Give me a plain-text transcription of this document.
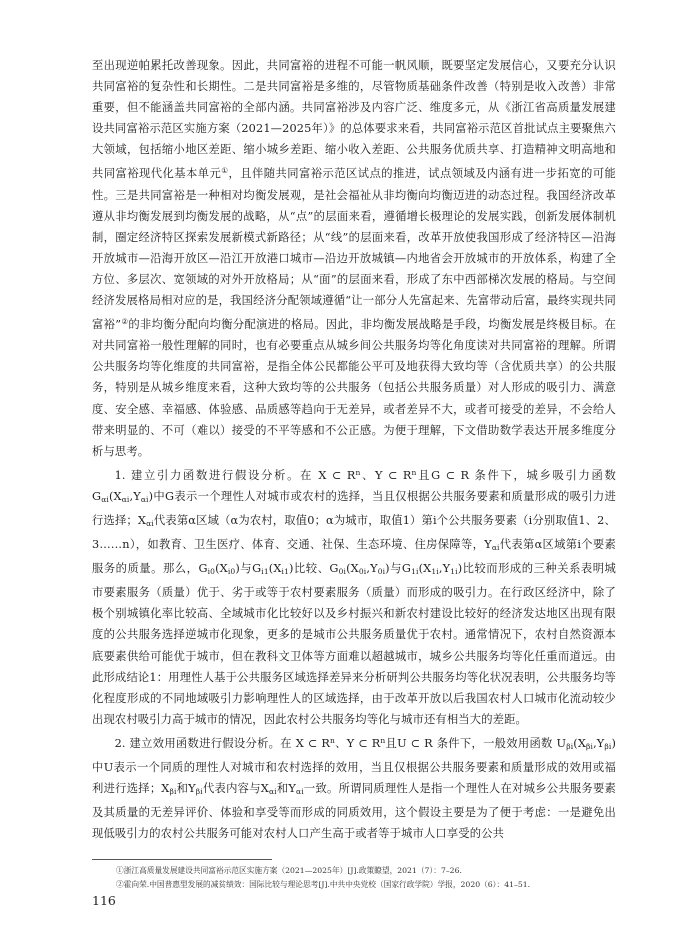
至出现逆帕累托改善现象。因此，共同富裕的进程不可能一帆风顺，既要坚定发展信心，又要充分认识共同富裕的复杂性和长期性。二是共同富裕是多维的，尽管物质基础条件改善（特别是收入改善）非常重要，但不能涵盖共同富裕的全部内涵。共同富裕涉及内容广泛、维度多元，从《浙江省高质量发展建设共同富裕示范区实施方案（2021—2025年）》的总体要求来看，共同富裕示范区首批试点主要聚焦六大领域，包括缩小地区差距、缩小城乡差距、缩小收入差距、公共服务优质共享、打造精神文明高地和共同富裕现代化基本单元①，且伴随共同富裕示范区试点的推进，试点领域及内涵有进一步拓宽的可能性。三是共同富裕是一种相对均衡发展观，是社会福祉从非均衡向均衡迈进的动态过程。我国经济改革遵从非均衡发展到均衡发展的战略，从“点”的层面来看，遵循增长极理论的发展实践，创新发展体制机制，圈定经济特区探索发展新模式新路径；从“线”的层面来看，改革开放使我国形成了经济特区—沿海开放城市—沿海开放区—沿江开放港口城市—沿边开放城镇—内地省会开放城市的开放体系，构建了全方位、多层次、宽领域的对外开放格局；从“面”的层面来看，形成了东中西部梯次发展的格局。与空间经济发展格局相对应的是，我国经济分配领域遵循“让一部分人先富起来、先富带动后富，最终实现共同富裕”②的非均衡分配向均衡分配演进的格局。因此，非均衡发展战略是手段，均衡发展是终极目标。在对共同富裕一般性理解的同时，也有必要重点从城乡间公共服务均等化角度读对共同富裕的理解。所谓公共服务均等化维度的共同富裕，是指全体公民都能公平可及地获得大致均等（含优质共享）的公共服务，特别是从城乡维度来看，这种大致均等的公共服务（包括公共服务质量）对人形成的吸引力、满意度、安全感、幸福感、体验感、品质感等趋向于无差异，或者差异不大，或者可接受的差异，不会给人带来明显的、不可（难以）接受的不平等感和不公正感。为便于理解，下文借助数学表达开展多维度分析与思考。

1. 建立引力函数进行假设分析。在 X ⊂ $R^n$、Y ⊂ $R^n$且G ⊂ R 条件下，城乡吸引力函数 $G_{\alpha i}(X_{\alpha i},Y_{\alpha i})$中G表示一个理性人对城市或农村的选择，当且仅根据公共服务要素和质量形成的吸引力进行选择；$X_{\alpha i}$代表第α区域（α为农村，取值0；α为城市，取值1）第i个公共服务要素（i分别取值1、2、3……n），如教育、卫生医疗、体育、交通、社保、生态环境、住房保障等，$Y_{\alpha i}$代表第α区域第i个要素服务的质量。那么，$G_{i0}(X_{i0})$与$G_{i1}(X_{i1})$比较、$G_{0i}(X_{0i},Y_{0i})$与$G_{1i}(X_{1i},Y_{1i})$比较而形成的三种关系表明城市要素服务（质量）优于、劣于或等于农村要素服务（质量）而形成的吸引力。在行政区经济中，除了极个别城镇化率比较高、全域城市化比较好以及乡村振兴和新农村建设比较好的经济发达地区出现有限度的公共服务选择逆城市化现象，更多的是城市公共服务质量优于农村。通常情况下，农村自然资源本底要素供给可能优于城市，但在教科文卫体等方面难以超越城市，城乡公共服务均等化任重而道远。由此形成结论1：用理性人基于公共服务区域选择差异来分析研判公共服务均等化状况表明，公共服务均等化程度形成的不同地域吸引力影响理性人的区域选择，由于改革开放以后我国农村人口城市化流动较少出现农村吸引力高于城市的情况，因此农村公共服务均等化与城市还有相当大的差距。

2. 建立效用函数进行假设分析。在 X ⊂ $R^n$、Y ⊂ $R^n$且U ⊂ R 条件下，一般效用函数 $U_{\beta i}(X_{\beta i},Y_{\beta i})$中U表示一个同质的理性人对城市和农村选择的效用，当且仅根据公共服务要素和质量形成的效用或福利进行选择；$X_{\beta i}$和$Y_{\beta i}$代表内容与$X_{\alpha i}$和$Y_{\alpha i}$一致。所谓同质理性人是指一个理性人在对城乡公共服务要素及其质量的无差异评价、体验和享受等而形成的同质效用，这个假设主要是为了便于考虑：一是避免出现低吸引力的农村公共服务可能对农村人口产生高于或者等于城市人口享受的公共

①浙江高质量发展建设共同富裕示范区实施方案（2021—2025年）[J].政策瞭望，2021（7）：7–26.
②霍向荣.中国普惠型发展的减贫绩效：国际比较与理论思考[J].中共中央党校（国家行政学院）学报，2020（6）：41–51.
116
